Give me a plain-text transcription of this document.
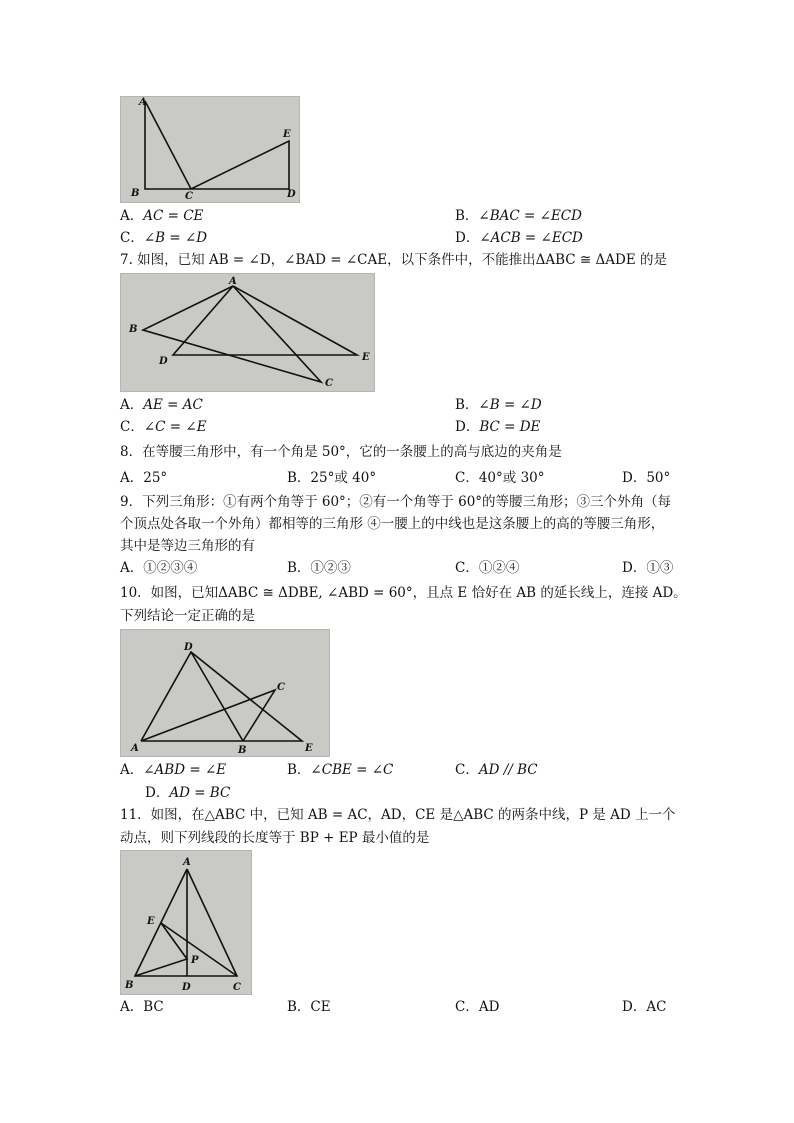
A
B	C	D
E
A．AC = CE	B．∠BAC = ∠ECD
C．∠B = ∠D	D．∠ACB = ∠ECD
7. 如图，已知 AB = ∠D，∠BAD = ∠CAE，以下条件中，不能推出ΔABC ≅ ΔADE 的是
A
B
C
D	E
A．AE = AC	B．∠B = ∠D
C．∠C = ∠E	D．BC = DE
8．在等腰三角形中，有一个角是 50°，它的一条腰上的高与底边的夹角是
A．25°	B．25°或 40°	C．40°或 30°	D．50°
9．下列三角形：①有两个角等于 60°；②有一个角等于 60°的等腰三角形；③三个外角（每
个顶点处各取一个外角）都相等的三角形 ④一腰上的中线也是这条腰上的高的等腰三角形，
其中是等边三角形的有
A．①②③④	B．①②③	C．①②④	D．①③
10．如图，已知ΔABC ≅ ΔDBE, ∠ABD = 60°，且点 E 恰好在 AB 的延长线上，连接 AD。
下列结论一定正确的是
D
C
A	B	E
A．∠ABD = ∠E	B．∠CBE = ∠C	C．AD // BC
D．AD = BC
11．如图，在△ABC 中，已知 AB = AC，AD，CE 是△ABC 的两条中线，P 是 AD 上一个
动点，则下列线段的长度等于 BP + EP 最小值的是
A
E
P
B	D	C
A．BC	B．CE	C．AD	D．AC
